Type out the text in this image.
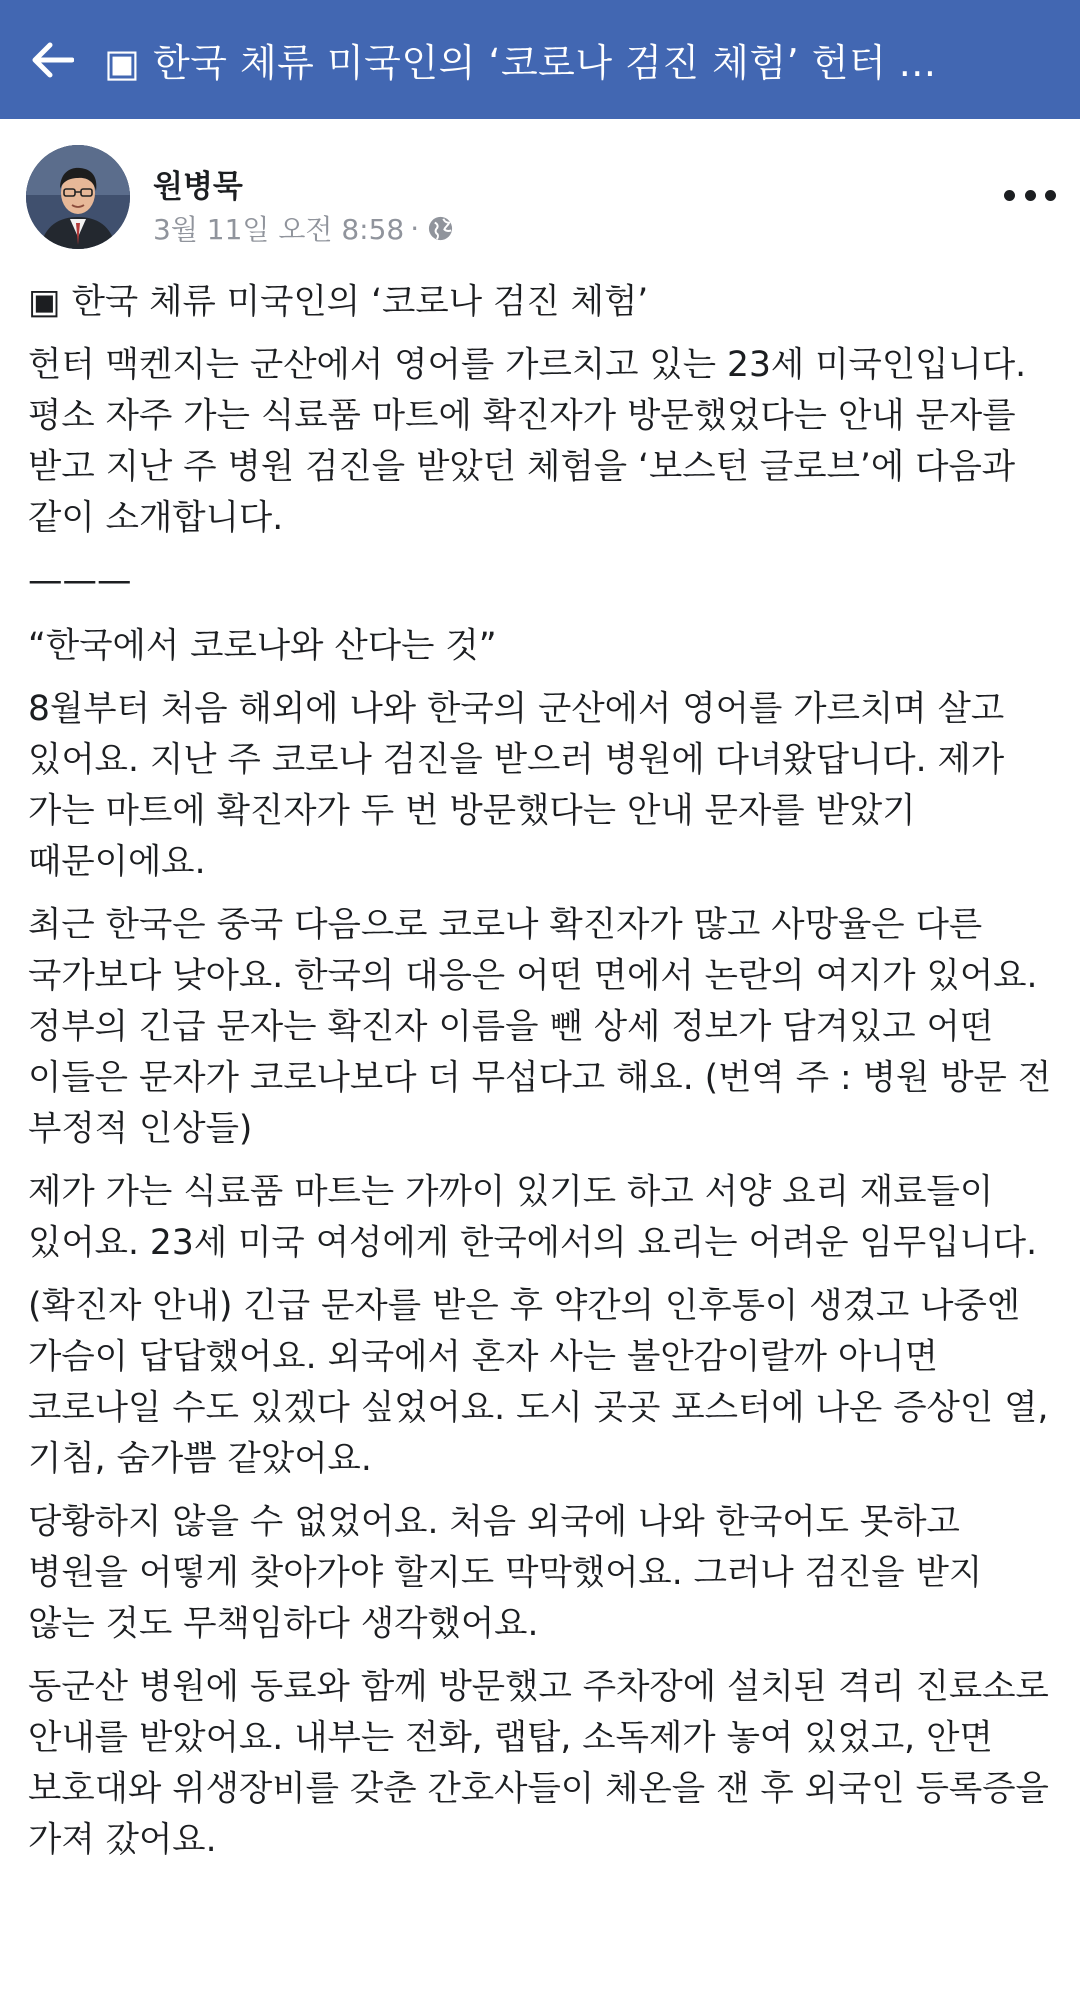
▣ 한국 체류 미국인의 ‘코로나 검진 체험’ 헌터 ...
원병묵
3월 11일 오전 8:58 ·

▣ 한국 체류 미국인의 ‘코로나 검진 체험’

헌터 맥켄지는 군산에서 영어를 가르치고 있는 23세 미국인입니다. 평소 자주 가는 식료품 마트에 확진자가 방문했었다는 안내 문자를 받고 지난 주 병원 검진을 받았던 체험을 ‘보스턴 글로브’에 다음과 같이 소개합니다.

———

“한국에서 코로나와 산다는 것”

8월부터 처음 해외에 나와 한국의 군산에서 영어를 가르치며 살고 있어요. 지난 주 코로나 검진을 받으러 병원에 다녀왔답니다. 제가 가는 마트에 확진자가 두 번 방문했다는 안내 문자를 받았기 때문이에요.

최근 한국은 중국 다음으로 코로나 확진자가 많고 사망율은 다른 국가보다 낮아요. 한국의 대응은 어떤 면에서 논란의 여지가 있어요. 정부의 긴급 문자는 확진자 이름을 뺀 상세 정보가 담겨있고 어떤 이들은 문자가 코로나보다 더 무섭다고 해요. (번역 주 : 병원 방문 전 부정적 인상들)

제가 가는 식료품 마트는 가까이 있기도 하고 서양 요리 재료들이 있어요. 23세 미국 여성에게 한국에서의 요리는 어려운 임무입니다.

(확진자 안내) 긴급 문자를 받은 후 약간의 인후통이 생겼고 나중엔 가슴이 답답했어요. 외국에서 혼자 사는 불안감이랄까 아니면 코로나일 수도 있겠다 싶었어요. 도시 곳곳 포스터에 나온 증상인 열, 기침, 숨가쁨 같았어요.

당황하지 않을 수 없었어요. 처음 외국에 나와 한국어도 못하고 병원을 어떻게 찾아가야 할지도 막막했어요. 그러나 검진을 받지 않는 것도 무책임하다 생각했어요.

동군산 병원에 동료와 함께 방문했고 주차장에 설치된 격리 진료소로 안내를 받았어요. 내부는 전화, 랩탑, 소독제가 놓여 있었고, 안면 보호대와 위생장비를 갖춘 간호사들이 체온을 잰 후 외국인 등록증을 가져 갔어요.
